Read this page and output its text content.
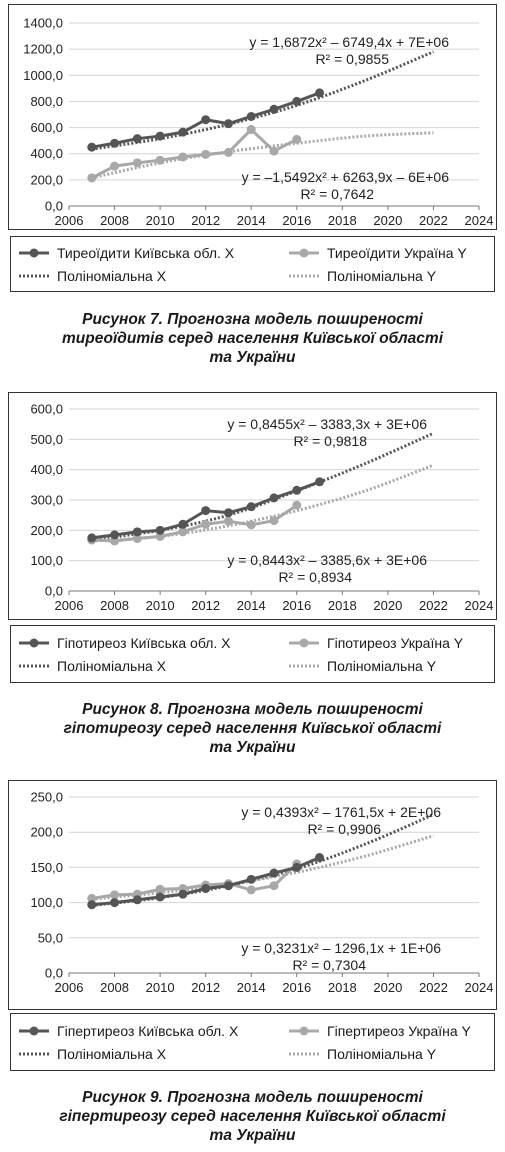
0,0
200,0
400,0
600,0
800,0
1000,0
1200,0
1400,0
2006 2008 2010 2012 2014 2016 2018 2020 2022 2024
y = 1,6872x² – 6749,4x + 7E+06
R² = 0,9855
y = –1,5492x² + 6263,9x – 6E+06
R² = 0,7642
Тиреоїдити Київська обл. X	Тиреоїдити Україна Y
Поліноміальна X	Поліноміальна Y
Рисунок 7. Прогнозна модель поширеності
тиреоїдитів серед населення Київської області
та України
0,0
100,0
200,0
300,0
400,0
500,0
600,0
2006 2008 2010 2012 2014 2016 2018 2020 2022 2024
y = 0,8455x² – 3383,3x + 3E+06
R² = 0,9818
y = 0,8443x² – 3385,6x + 3E+06
R² = 0,8934
Гіпотиреоз Київська обл. X	Гіпотиреоз Україна Y
Поліноміальна X	Поліноміальна Y
Рисунок 8. Прогнозна модель поширеності
гіпотиреозу серед населення Київської області
та України
0,0
50,0
100,0
150,0
200,0
250,0
2006 2008 2010 2012 2014 2016 2018 2020 2022 2024
y = 0,4393x² – 1761,5x + 2E+06
R² = 0,9906
y = 0,3231x² – 1296,1x + 1E+06
R² = 0,7304
Гіпертиреоз Київська обл. X	Гіпертиреоз Україна Y
Поліноміальна X	Поліноміальна Y
Рисунок 9. Прогнозна модель поширеності
гіпертиреозу серед населення Київської області
та України
